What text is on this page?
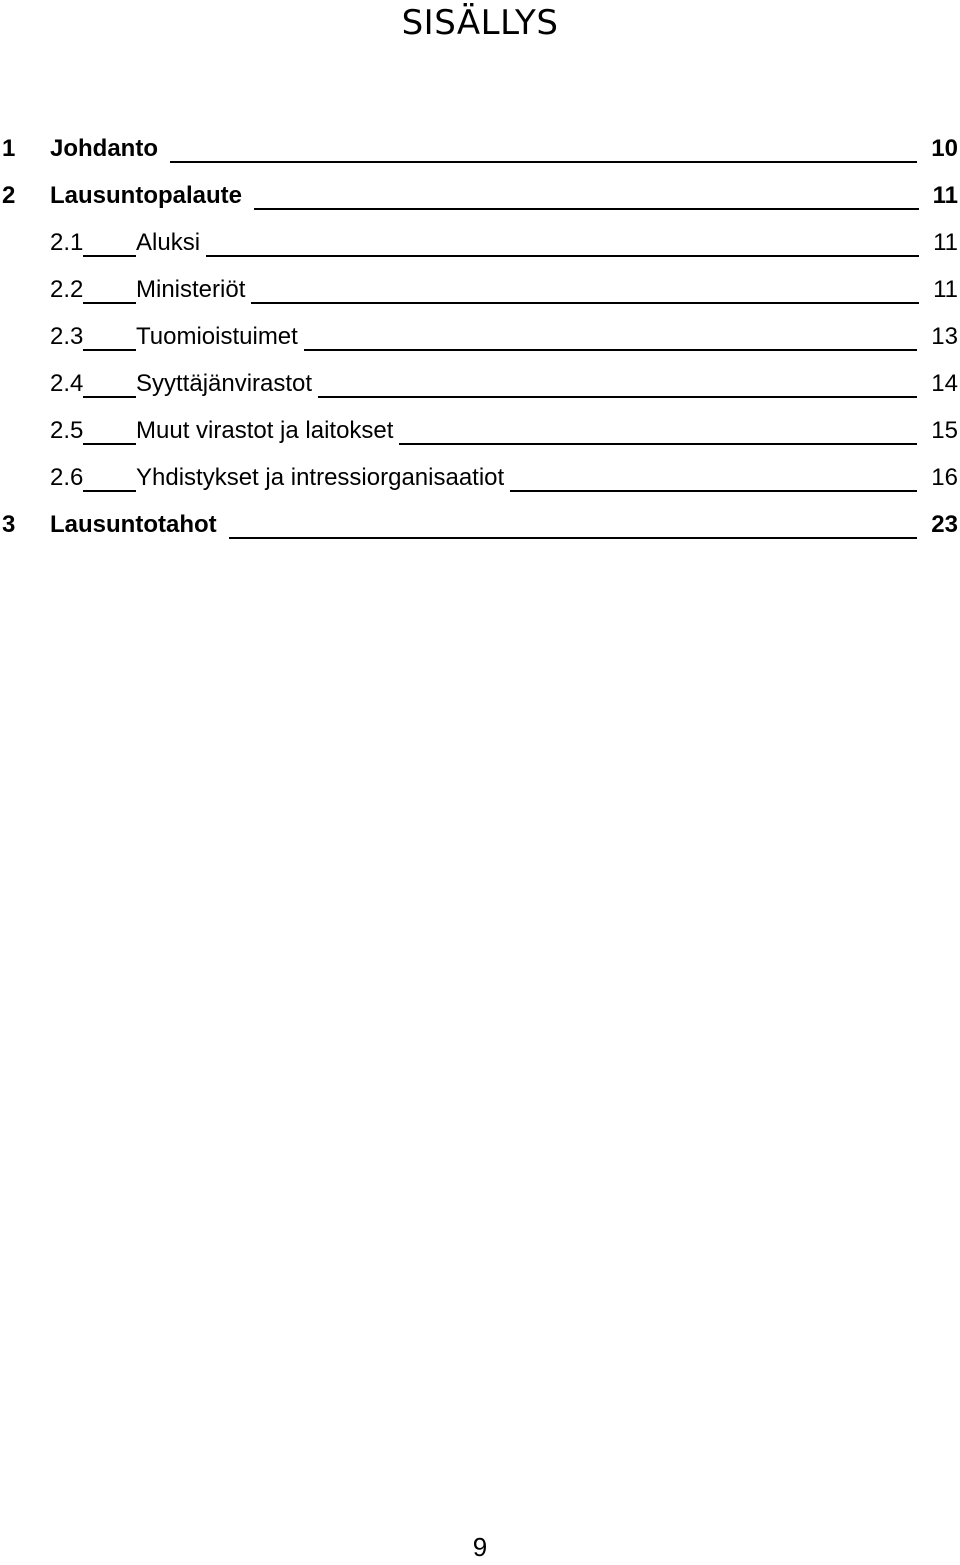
SISÄLLYS
1 Johdanto	10
2 Lausuntopalaute	11
2.1 Aluksi	11
2.2 Ministeriöt	11
2.3 Tuomioistuimet	13
2.4 Syyttäjänvirastot	14
2.5 Muut virastot ja laitokset	15
2.6 Yhdistykset ja intressiorganisaatiot	16
3 Lausuntotahot	23
9
